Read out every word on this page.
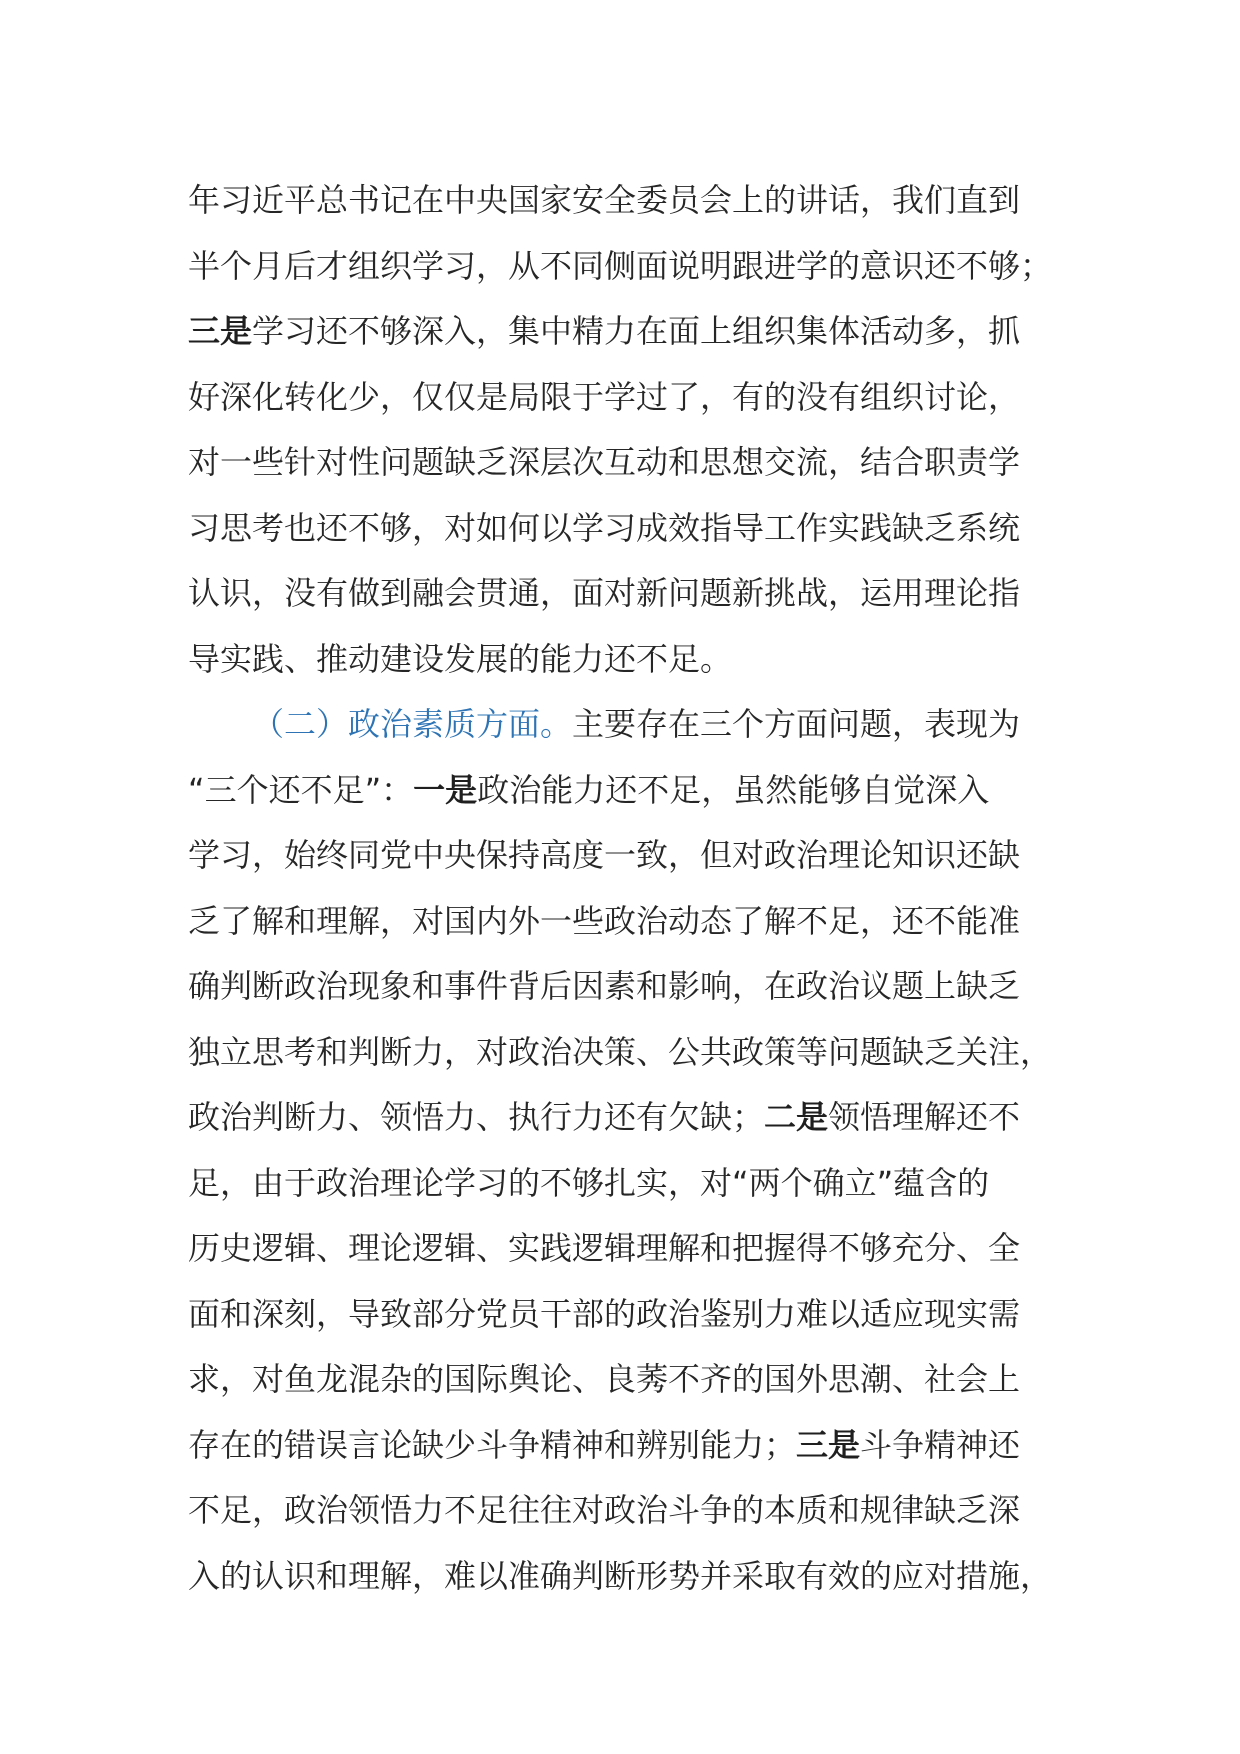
年习近平总书记在中央国家安全委员会上的讲话，我们直到
半个月后才组织学习，从不同侧面说明跟进学的意识还不够；
三是学习还不够深入，集中精力在面上组织集体活动多，抓
好深化转化少，仅仅是局限于学过了，有的没有组织讨论，
对一些针对性问题缺乏深层次互动和思想交流，结合职责学
习思考也还不够，对如何以学习成效指导工作实践缺乏系统
认识，没有做到融会贯通，面对新问题新挑战，运用理论指
导实践、推动建设发展的能力还不足。
（二）政治素质方面。主要存在三个方面问题，表现为
“三个还不足”：一是政治能力还不足，虽然能够自觉深入
学习，始终同党中央保持高度一致，但对政治理论知识还缺
乏了解和理解，对国内外一些政治动态了解不足，还不能准
确判断政治现象和事件背后因素和影响，在政治议题上缺乏
独立思考和判断力，对政治决策、公共政策等问题缺乏关注，
政治判断力、领悟力、执行力还有欠缺；二是领悟理解还不
足，由于政治理论学习的不够扎实，对“两个确立”蕴含的
历史逻辑、理论逻辑、实践逻辑理解和把握得不够充分、全
面和深刻，导致部分党员干部的政治鉴别力难以适应现实需
求，对鱼龙混杂的国际舆论、良莠不齐的国外思潮、社会上
存在的错误言论缺少斗争精神和辨别能力；三是斗争精神还
不足，政治领悟力不足往往对政治斗争的本质和规律缺乏深
入的认识和理解，难以准确判断形势并采取有效的应对措施，
